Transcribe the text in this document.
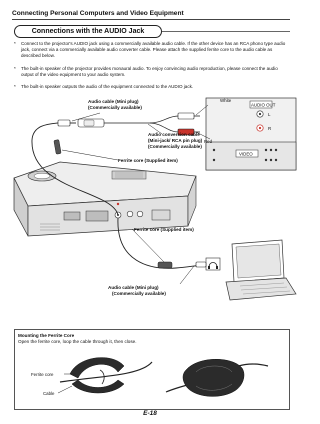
Connecting Personal Computers and Video Equipment
Connections with the AUDIO Jack
* Connect to the projector's AUDIO jack using a commercially available audio cable. If the other device has an RCA phono type audio jack, connect via a commercially available audio converter cable. Please attach the supplied ferrite core to the audio cable as described below.
* The built-in speaker of the projector provides monaural audio. To enjoy convincing audio reproduction, please connect the audio output of the video equipment to your audio system.
* The built-in speaker outputs the audio of the equipment connected to the AUDIO jack.
Audio cable (Mini plug)
(Commercially available)
Audio conversion cable
(Mini-jack/ RCA pin plug)
(Commercially available)
Ferrite core (Supplied item)
Ferrite core (Supplied item)
Audio cable (Mini plug)
(Commercially available)
White
Red
AUDIO OUT
L
R
VIDEO
Ferrite core
Cable
Mounting the Ferrite Core
Open the ferrite core, loop the cable through it, then close.
E-18
